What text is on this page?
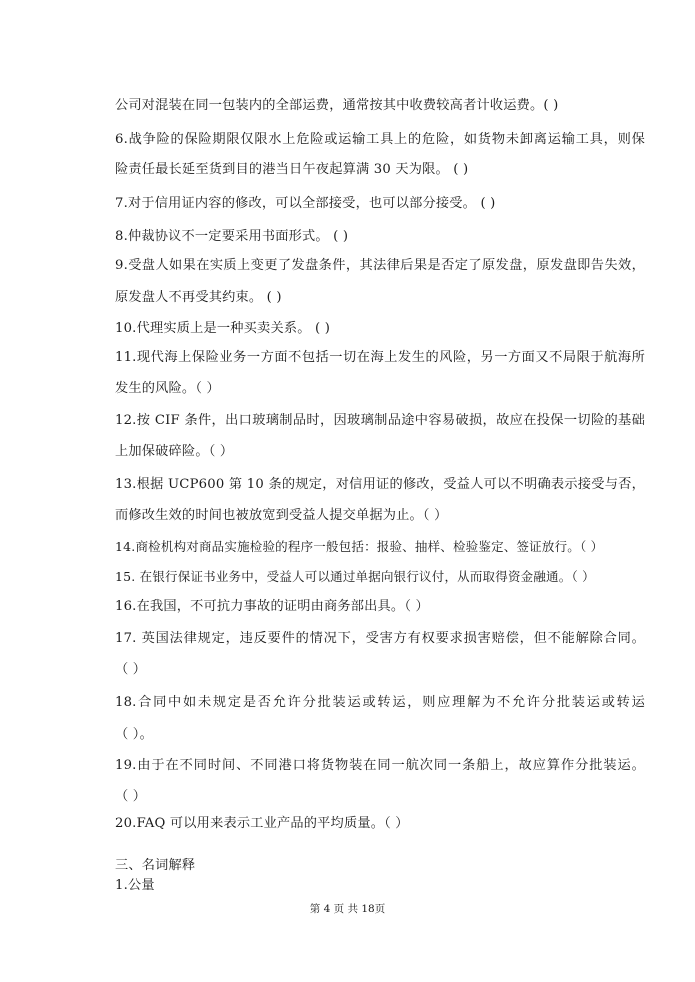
公司对混装在同一包装内的全部运费，通常按其中收费较高者计收运费。( )
6.战争险的保险期限仅限水上危险或运输工具上的危险，如货物未卸离运输工具，则保
险责任最长延至货到目的港当日午夜起算满 30 天为限。 ( )
7.对于信用证内容的修改，可以全部接受，也可以部分接受。 ( )
8.仲裁协议不一定要采用书面形式。 ( )
9.受盘人如果在实质上变更了发盘条件，其法律后果是否定了原发盘，原发盘即告失效，
原发盘人不再受其约束。 ( )
10.代理实质上是一种买卖关系。 ( )
11.现代海上保险业务一方面不包括一切在海上发生的风险，另一方面又不局限于航海所
发生的风险。（ ）
12.按 CIF 条件，出口玻璃制品时，因玻璃制品途中容易破损，故应在投保一切险的基础
上加保破碎险。（ ）
13.根据 UCP600 第 10 条的规定，对信用证的修改，受益人可以不明确表示接受与否，
而修改生效的时间也被放宽到受益人提交单据为止。（ ）
14.商检机构对商品实施检验的程序一般包括：报验、抽样、检验鉴定、签证放行。（ ）
15. 在银行保证书业务中，受益人可以通过单据向银行议付，从而取得资金融通。（ ）
16.在我国，不可抗力事故的证明由商务部出具。（ ）
17. 英国法律规定，违反要件的情况下，受害方有权要求损害赔偿，但不能解除合同。
（ ）
18.合同中如未规定是否允许分批装运或转运，则应理解为不允许分批装运或转运
（ ）。
19.由于在不同时间、不同港口将货物装在同一航次同一条船上，故应算作分批装运。
（ ）
20.FAQ 可以用来表示工业产品的平均质量。（ ）
三、名词解释
1.公量
第 4 页 共 18页
